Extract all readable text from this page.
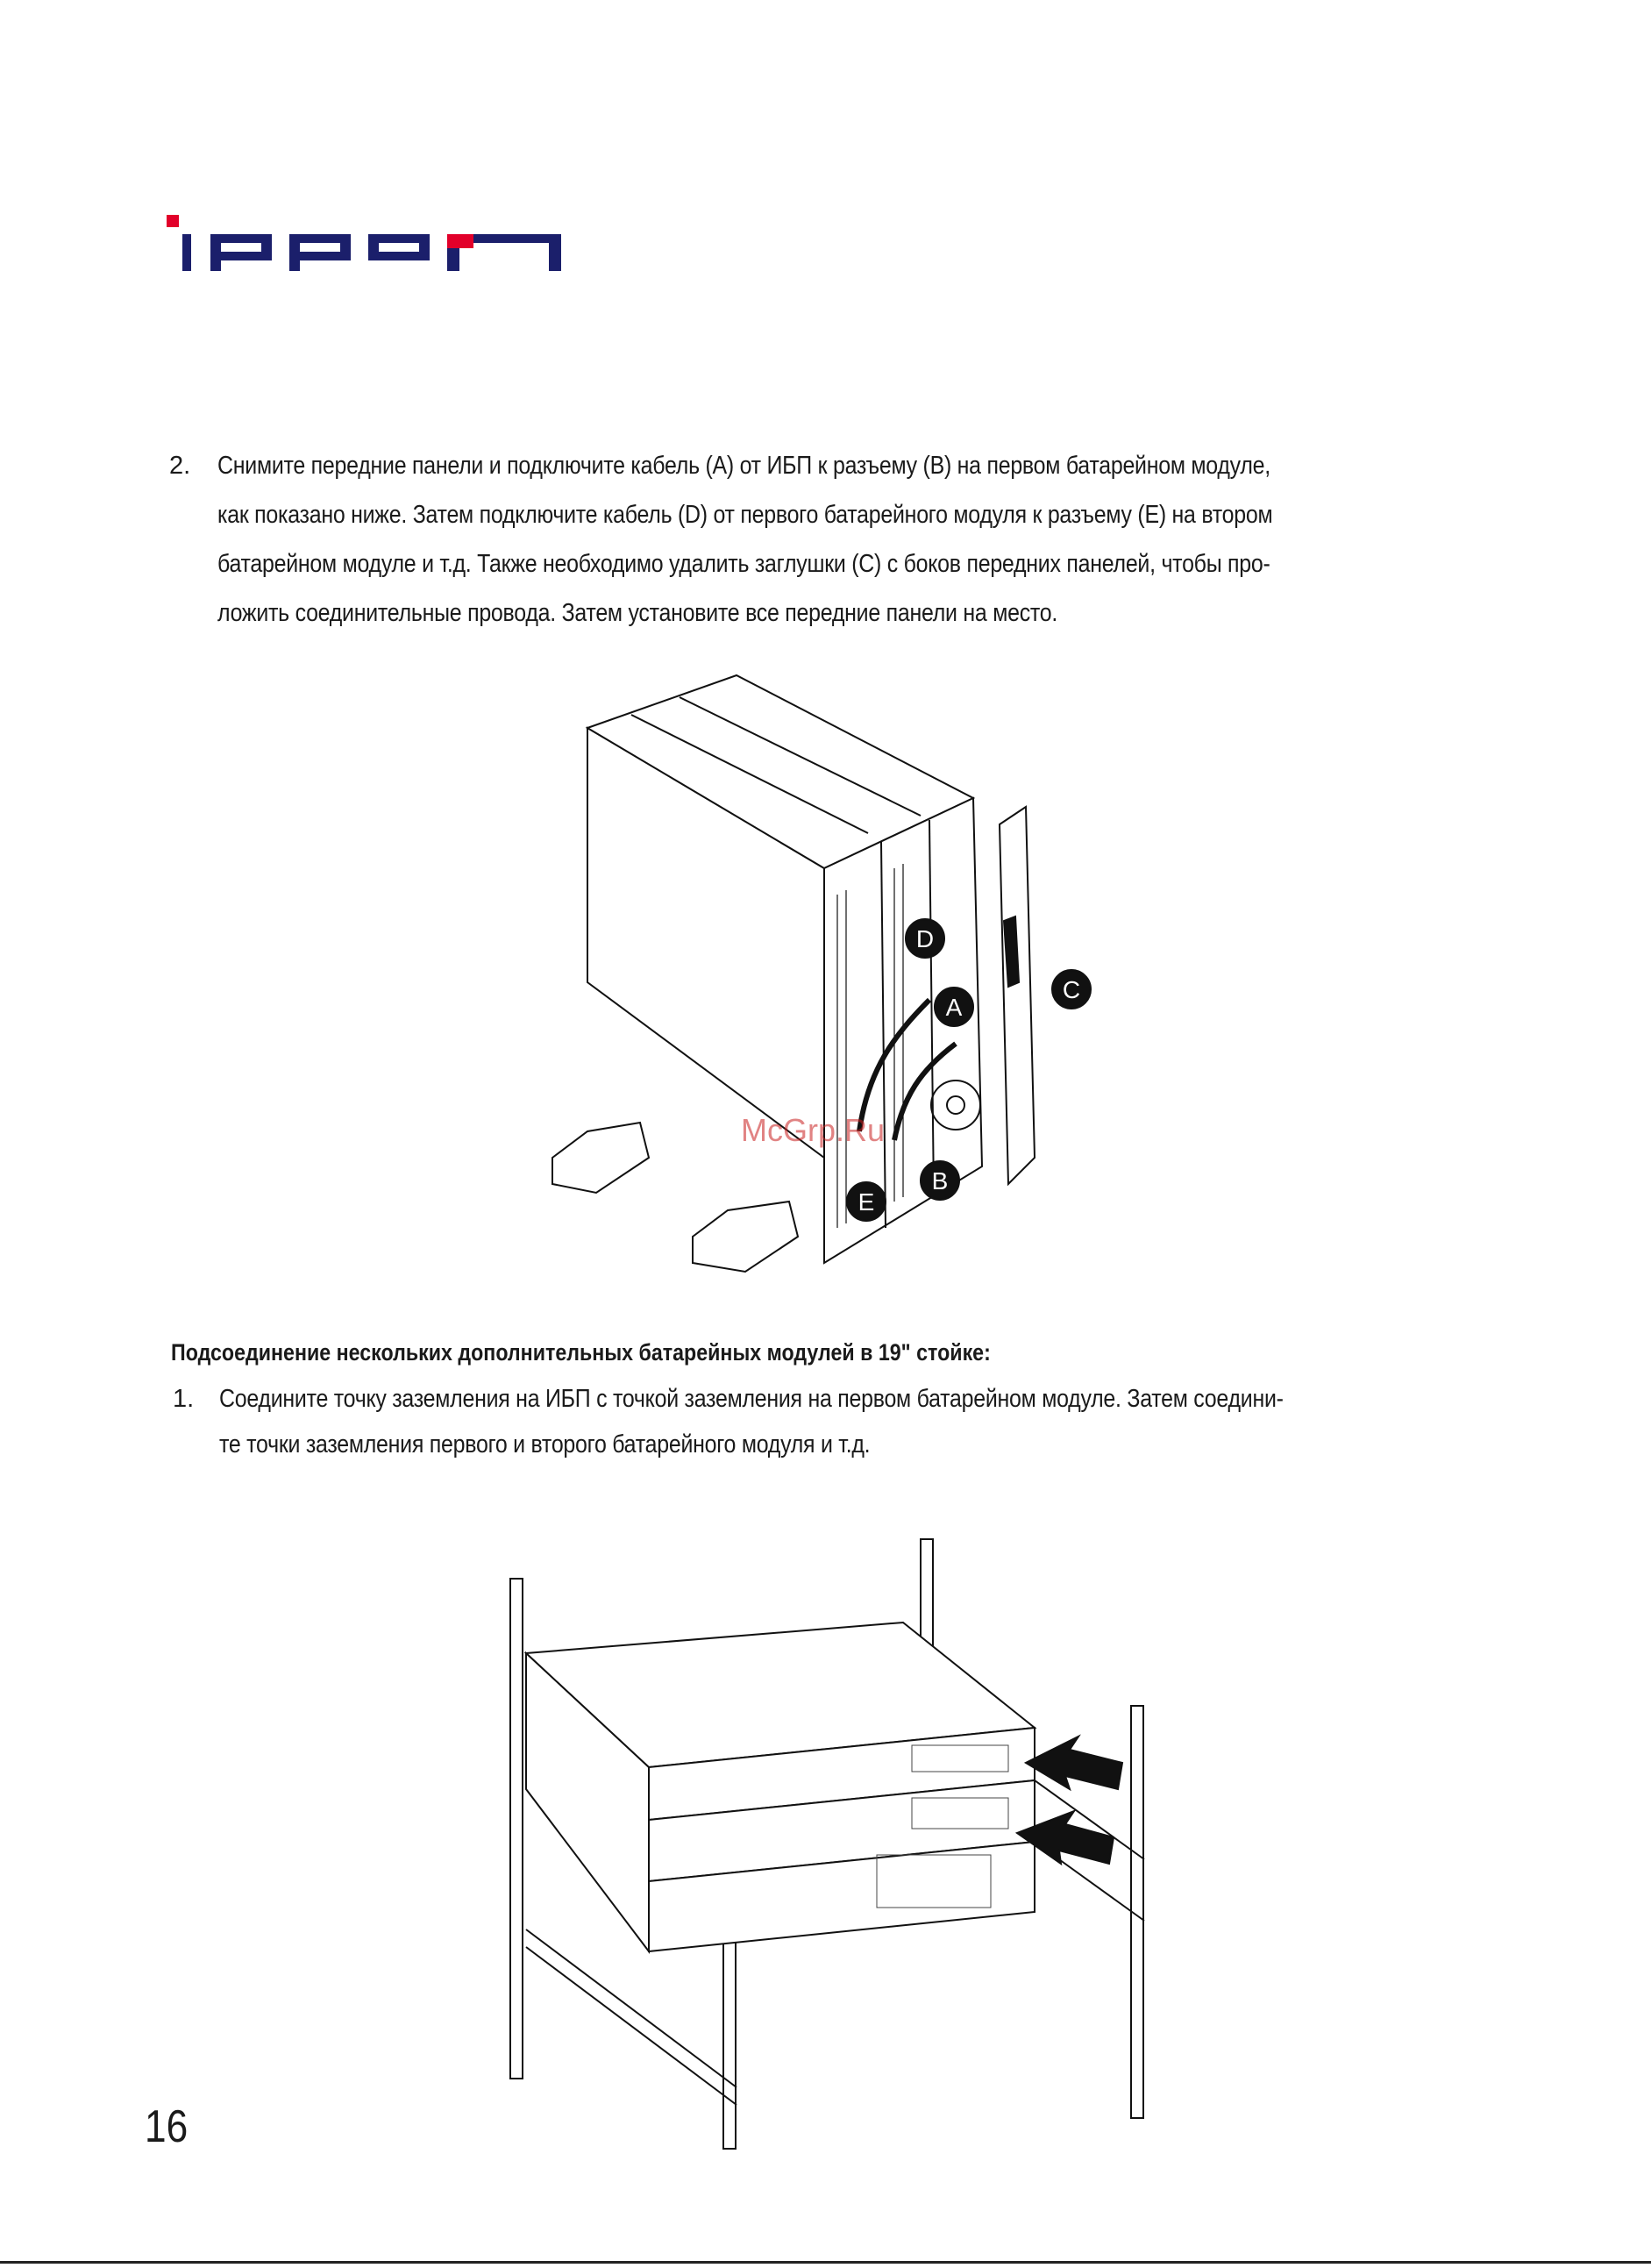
2. Снимите передние панели и подключите кабель (A) от ИБП к разъему (B) на первом батарейном модуле,
как показано ниже. Затем подключите кабель (D) от первого батарейного модуля к разъему (E) на втором
батарейном модуле и т.д. Также необходимо удалить заглушки (C) с боков передних панелей, чтобы про-
ложить соединительные провода. Затем установите все передние панели на место.
D
A
C
B
E
McGrp.Ru
Подсоединение нескольких дополнительных батарейных модулей в 19" стойке:
1. Соедините точку заземления на ИБП с точкой заземления на первом батарейном модуле. Затем соедини-
те точки заземления первого и второго батарейного модуля и т.д.
16
